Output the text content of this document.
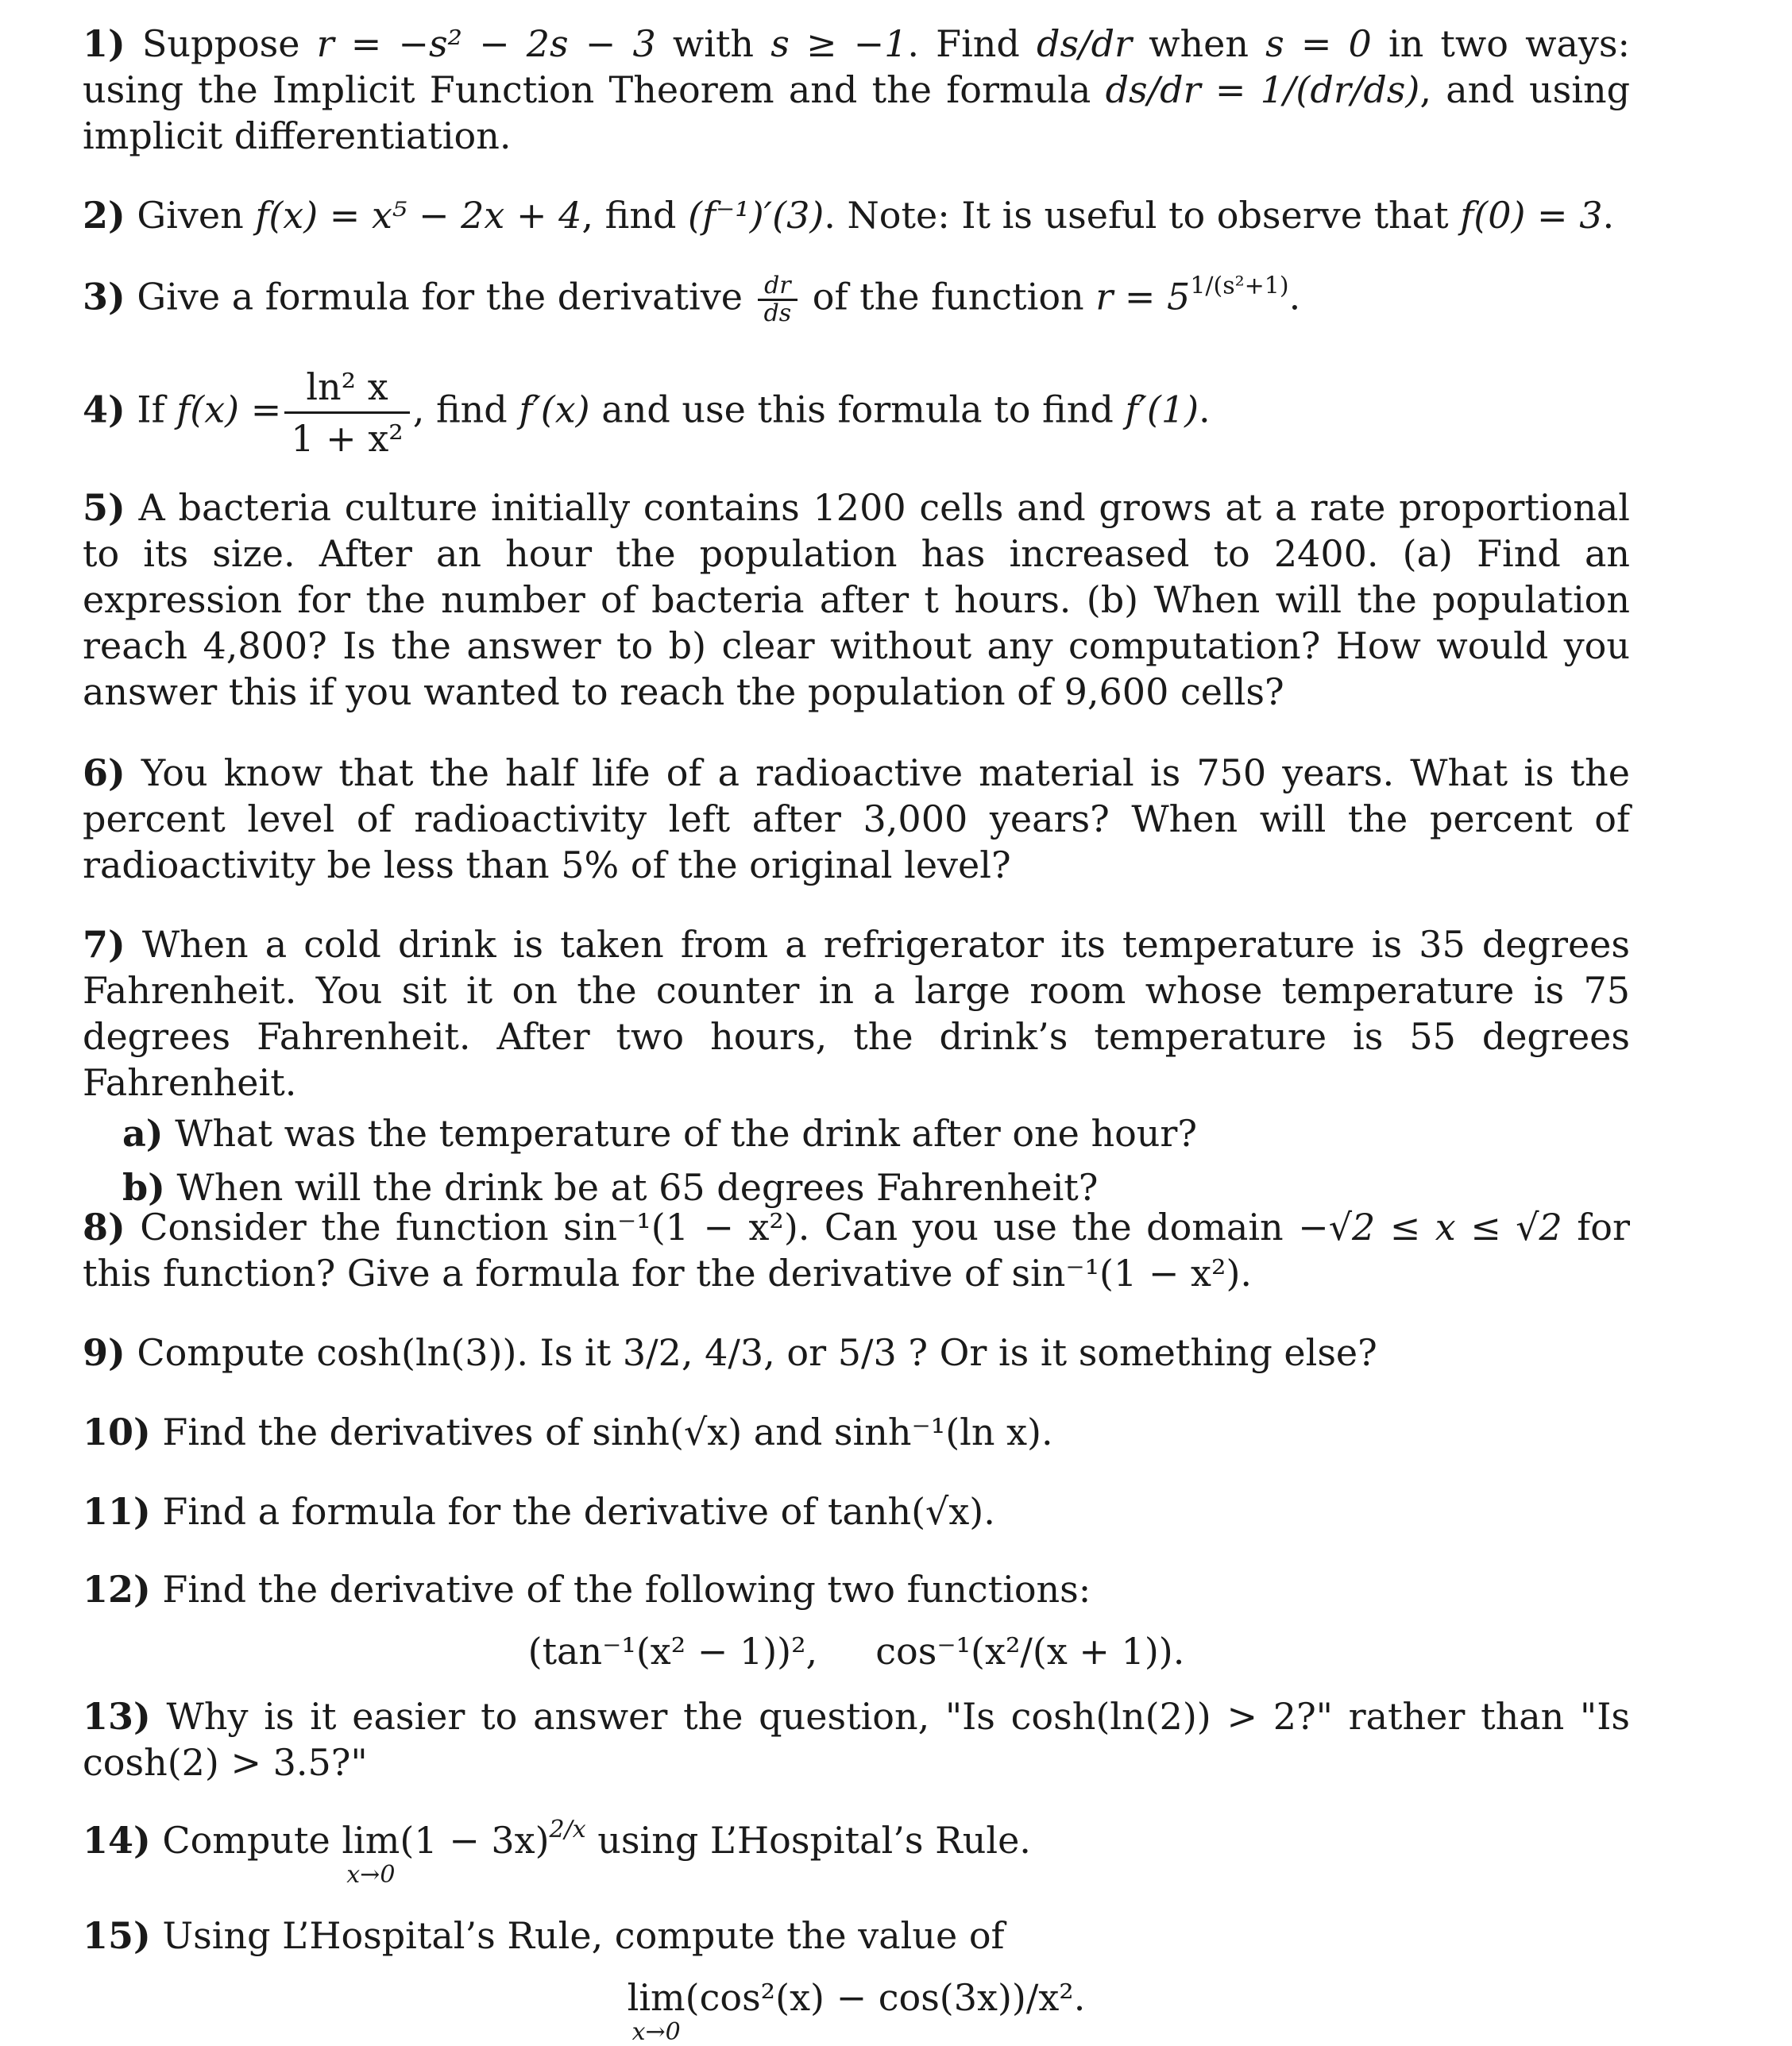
1) Suppose r = −s² − 2s − 3 with s ≥ −1. Find ds/dr when s = 0 in two ways: using the Implicit Function Theorem and the formula ds/dr = 1/(dr/ds), and using implicit differentiation.
2) Given f(x) = x⁵ − 2x + 4, find (f⁻¹)′(3). Note: It is useful to observe that f(0) = 3.
3) Give a formula for the derivative $\frac{dr}{ds}$ of the function $r = 5^{1/(s^2+1)}$.
4) If $f(x) = \frac{\text{ln² x}}{\text{1 + x²}}$ , find f′(x) and use this formula to find f′(1).
5) A bacteria culture initially contains 1200 cells and grows at a rate proportional to its size. After an hour the population has increased to 2400. (a) Find an expression for the number of bacteria after t hours. (b) When will the population reach 4,800? Is the answer to b) clear without any computation? How would you answer this if you wanted to reach the population of 9,600 cells?
6) You know that the half life of a radioactive material is 750 years. What is the percent level of radioactivity left after 3,000 years? When will the percent of radioactivity be less than 5% of the original level?
7) When a cold drink is taken from a refrigerator its temperature is 35 degrees Fahrenheit. You sit it on the counter in a large room whose temperature is 75 degrees Fahrenheit. After two hours, the drink’s temperature is 55 degrees Fahrenheit.
a) What was the temperature of the drink after one hour?
b) When will the drink be at 65 degrees Fahrenheit?
8) Consider the function sin⁻¹(1 − x²). Can you use the domain −√2 ≤ x ≤ √2 for this function? Give a formula for the derivative of sin⁻¹(1 − x²).
9) Compute cosh(ln(3)). Is it 3/2, 4/3, or 5/3 ? Or is it something else?
10) Find the derivatives of sinh(√x) and sinh⁻¹(ln x).
11) Find a formula for the derivative of tanh(√x).
12) Find the derivative of the following two functions:
(tan⁻¹(x² − 1))²,     cos⁻¹(x²/(x + 1)).
13) Why is it easier to answer the question, "Is cosh(ln(2)) > 2?" rather than "Is cosh(2) > 3.5?"
14) Compute lim
x→0
$(1 - 3x)^{2/x}$ using L’Hospital’s Rule.
15) Using L’Hospital’s Rule, compute the value of
lim
x→0
(cos²(x) − cos(3x))/x².
